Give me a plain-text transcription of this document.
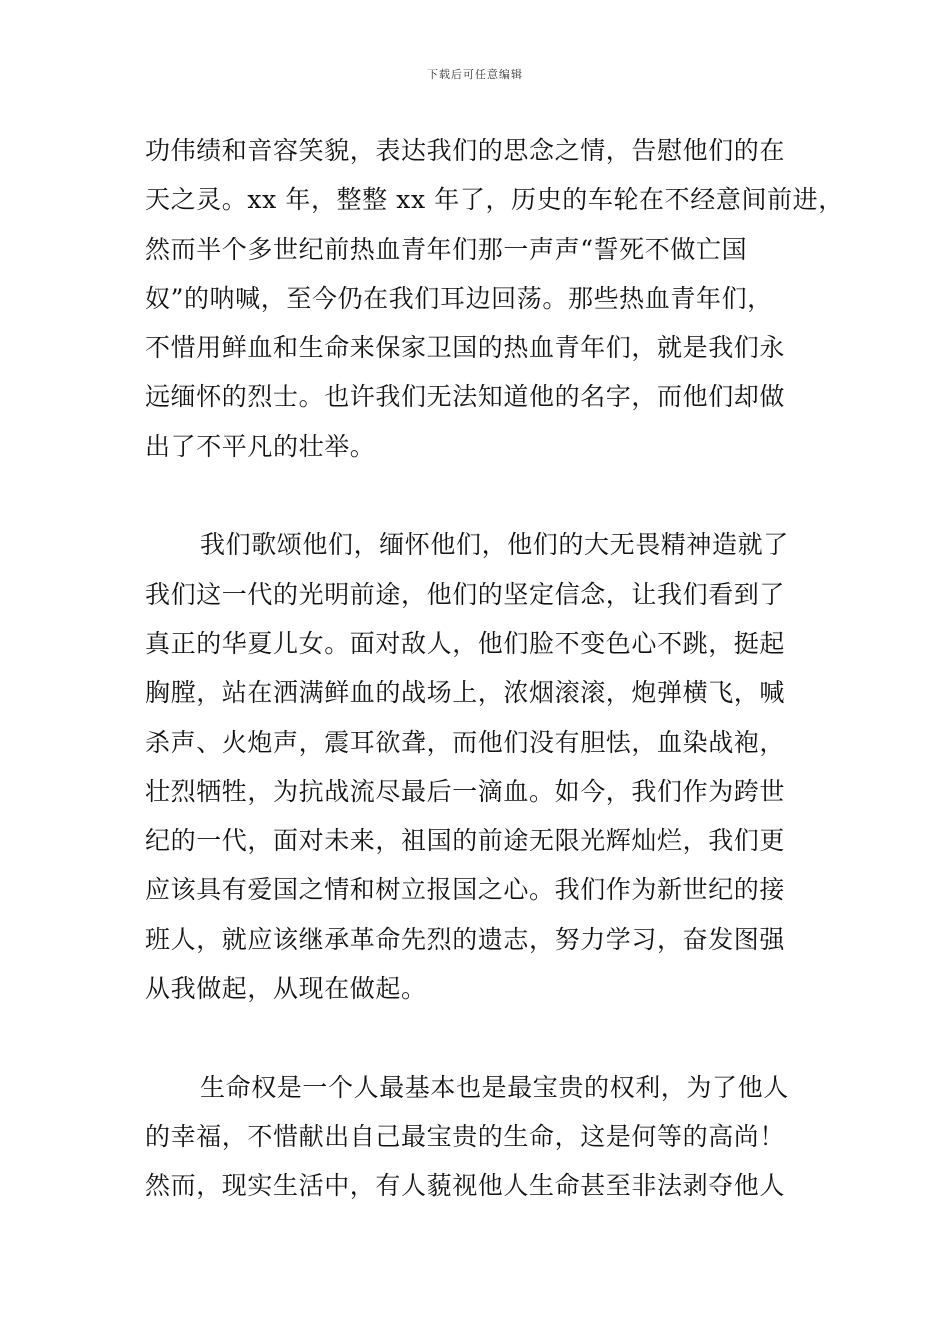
下载后可任意编辑
功伟绩和音容笑貌，表达我们的思念之情，告慰他们的在
天之灵。xx 年，整整 xx 年了，历史的车轮在不经意间前进，
然而半个多世纪前热血青年们那一声声“誓死不做亡国
奴”的呐喊，至今仍在我们耳边回荡。那些热血青年们，
不惜用鲜血和生命来保家卫国的热血青年们，就是我们永
远缅怀的烈士。也许我们无法知道他的名字，而他们却做
出了不平凡的壮举。
我们歌颂他们，缅怀他们，他们的大无畏精神造就了
我们这一代的光明前途，他们的坚定信念，让我们看到了
真正的华夏儿女。面对敌人，他们脸不变色心不跳，挺起
胸膛，站在洒满鲜血的战场上，浓烟滚滚，炮弹横飞，喊
杀声、火炮声，震耳欲聋，而他们没有胆怯，血染战袍，
壮烈牺牲，为抗战流尽最后一滴血。如今，我们作为跨世
纪的一代，面对未来，祖国的前途无限光辉灿烂，我们更
应该具有爱国之情和树立报国之心。我们作为新世纪的接
班人，就应该继承革命先烈的遗志，努力学习，奋发图强
从我做起，从现在做起。
生命权是一个人最基本也是最宝贵的权利，为了他人
的幸福，不惜献出自己最宝贵的生命，这是何等的高尚！
然而，现实生活中，有人藐视他人生命甚至非法剥夺他人
